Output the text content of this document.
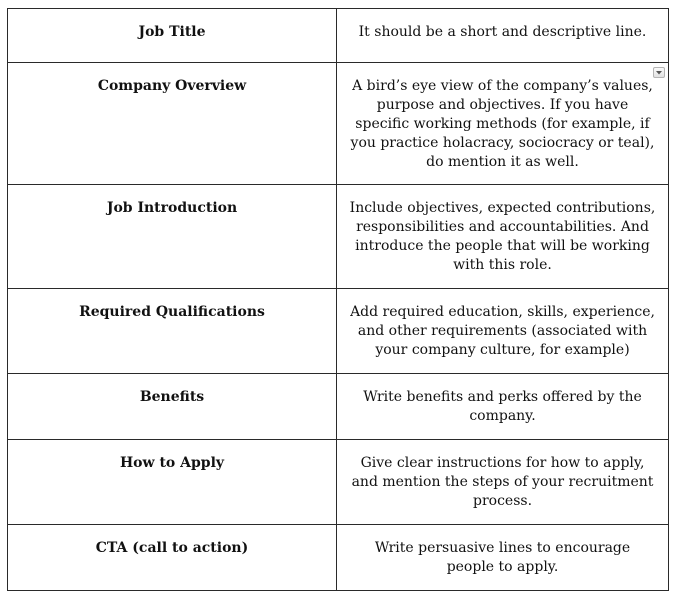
Job Title	It should be a short and descriptive line.
Company Overview	A bird’s eye view of the company’s values, purpose and objectives. If you have specific working methods (for example, if you practice holacracy, sociocracy or teal), do mention it as well.

Job Introduction	Include objectives, expected contributions, responsibilities and accountabilities. And introduce the people that will be working with this role.
Required Qualifications	Add required education, skills, experience, and other requirements (associated with your company culture, for example)
Benefits	Write benefits and perks offered by the company.
How to Apply	Give clear instructions for how to apply, and mention the steps of your recruitment process.
CTA (call to action)	Write persuasive lines to encourage people to apply.
